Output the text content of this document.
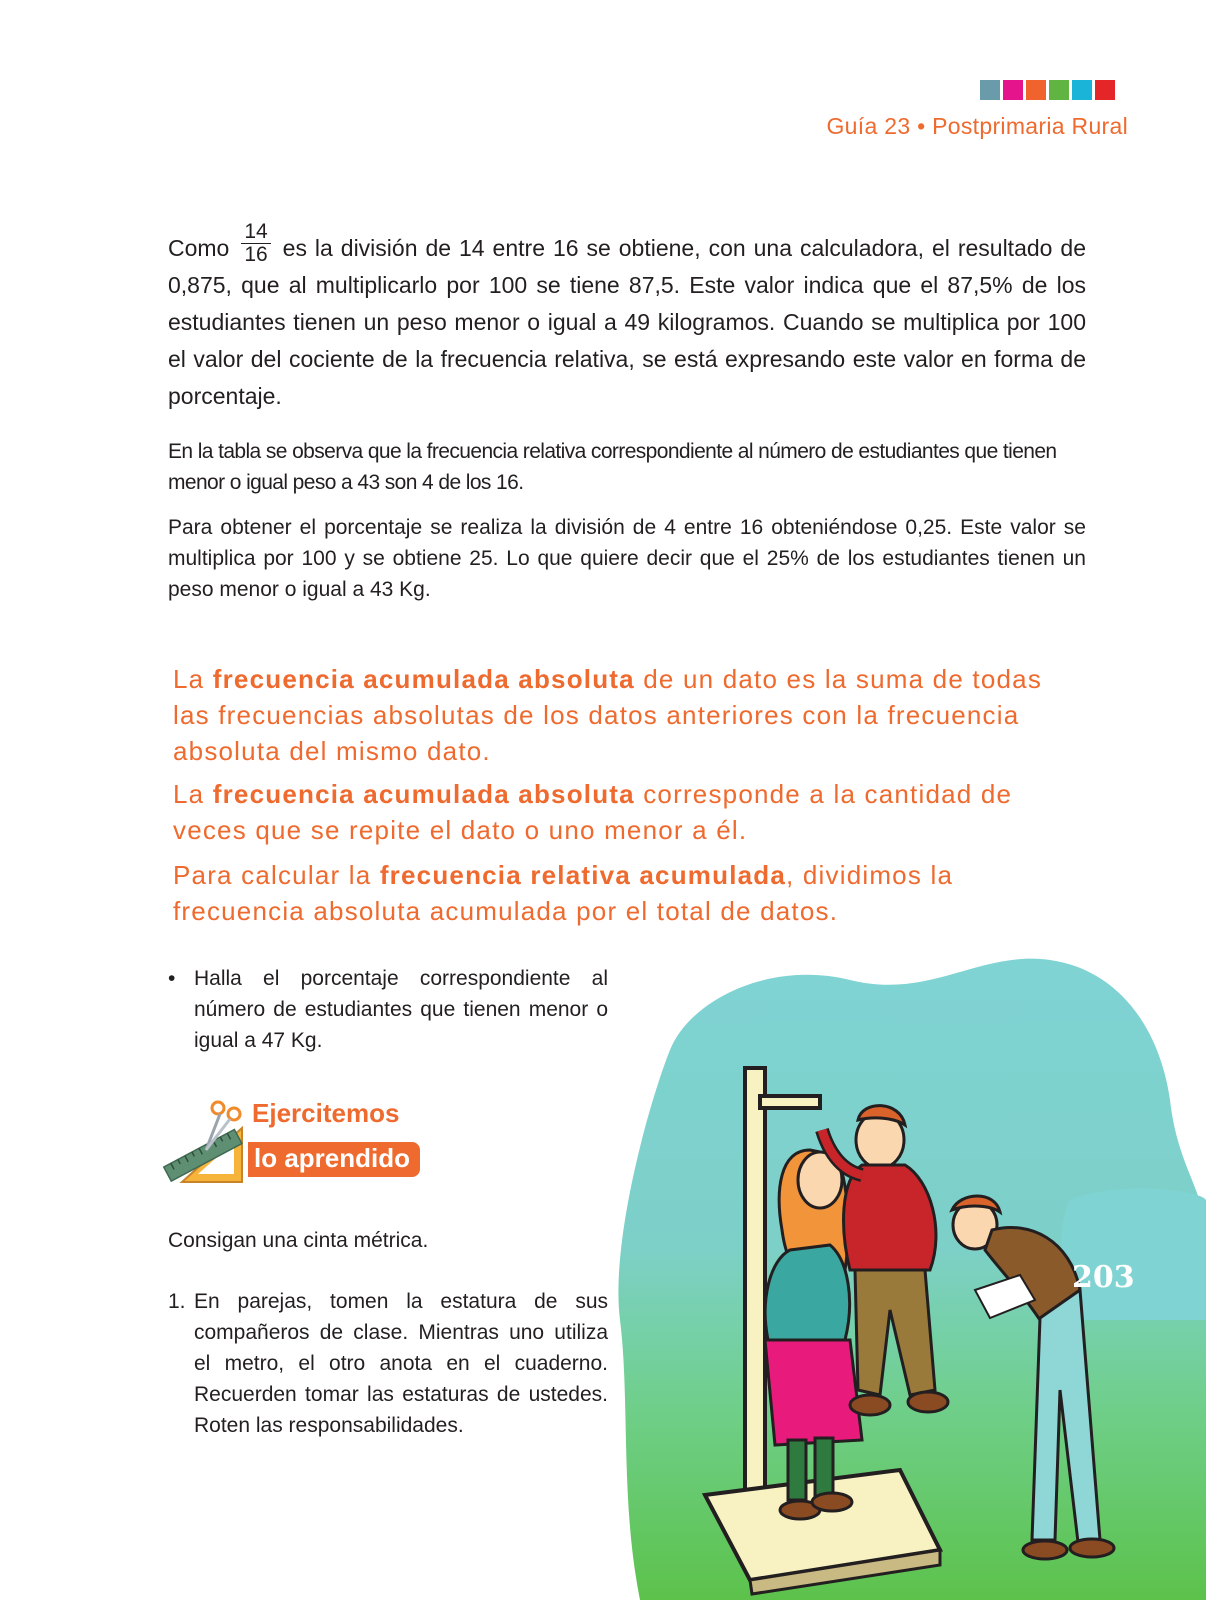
Guía 23 • Postprimaria Rural

Como $\frac{14}{16}$ es la división de 14 entre 16 se obtiene, con una calculadora, el resultado de 0,875, que al multiplicarlo por 100 se tiene 87,5. Este valor indica que el 87,5% de los estudiantes tienen un peso menor o igual a 49 kilogramos. Cuando se multiplica por 100 el valor del cociente de la frecuencia relativa, se está expresando este valor en forma de porcentaje.

En la tabla se observa que la frecuencia relativa correspondiente al número de estudiantes que tienen menor o igual peso a 43 son 4 de los 16.

Para obtener el porcentaje se realiza la división de 4 entre 16 obteniéndose 0,25. Este valor se multiplica por 100 y se obtiene 25. Lo que quiere decir que el 25% de los estudiantes tienen un peso menor o igual a 43 Kg.

La frecuencia acumulada absoluta de un dato es la suma de todas las frecuencias absolutas de los datos anteriores con la frecuencia absoluta del mismo dato.
La frecuencia acumulada absoluta corresponde a la cantidad de veces que se repite el dato o uno menor a él.
Para calcular la frecuencia relativa acumulada, dividimos la frecuencia absoluta acumulada por el total de datos.
• Halla el porcentaje correspondiente al número de estudiantes que tienen menor o igual a 47 Kg.
Ejercitemos
lo aprendido
Consigan una cinta métrica.
1. En parejas, tomen la estatura de sus compañeros de clase. Mientras uno utiliza el metro, el otro anota en el cuaderno. Recuerden tomar las estaturas de ustedes. Roten las responsabilidades.
203
